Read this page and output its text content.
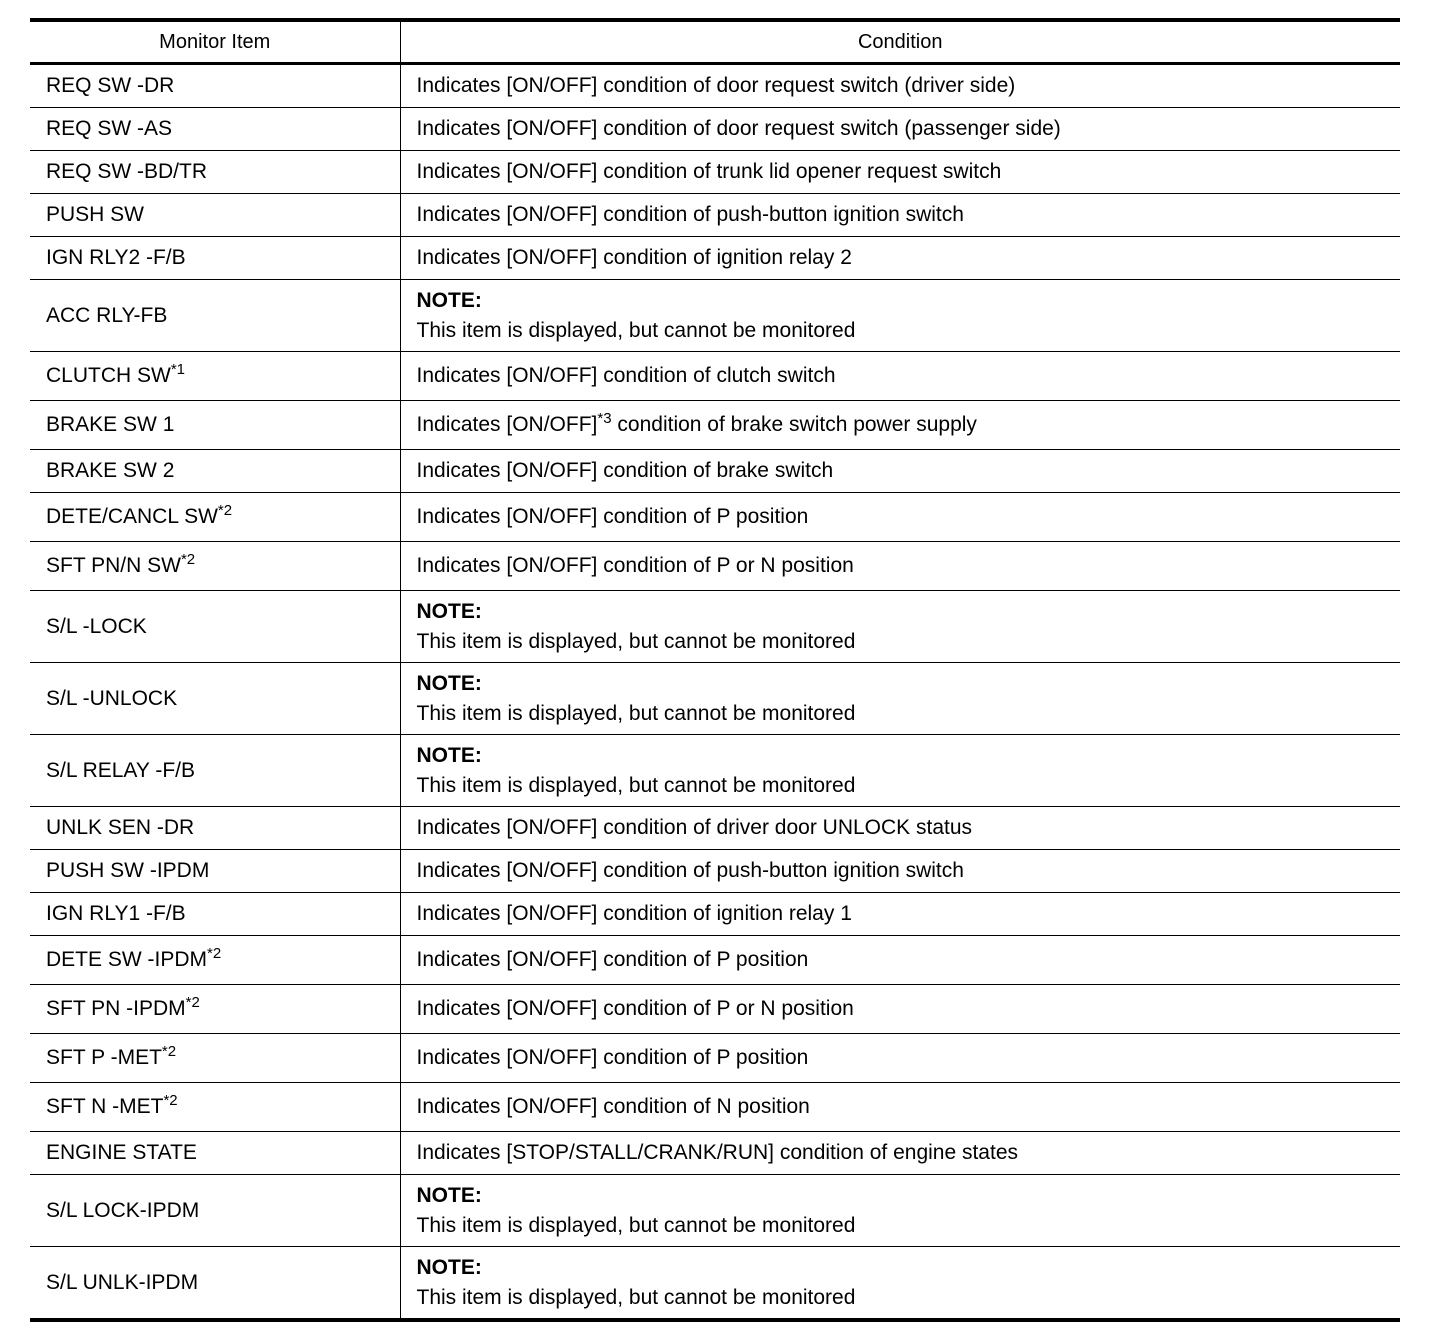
Monitor Item	Condition
REQ SW -DR	Indicates [ON/OFF] condition of door request switch (driver side)
REQ SW -AS	Indicates [ON/OFF] condition of door request switch (passenger side)
REQ SW -BD/TR	Indicates [ON/OFF] condition of trunk lid opener request switch
PUSH SW	Indicates [ON/OFF] condition of push-button ignition switch
IGN RLY2 -F/B	Indicates [ON/OFF] condition of ignition relay 2
ACC RLY-FB	NOTE:
This item is displayed, but cannot be monitored

CLUTCH SW$^{*1}$	Indicates [ON/OFF] condition of clutch switch
BRAKE SW 1	Indicates $[ON/OFF]^{*3}$ condition of brake switch power supply
BRAKE SW 2	Indicates [ON/OFF] condition of brake switch
DETE/CANCL SW$^{*2}$	Indicates [ON/OFF] condition of P position
SFT PN/N SW$^{*2}$	Indicates [ON/OFF] condition of P or N position
S/L -LOCK	NOTE:
This item is displayed, but cannot be monitored

S/L -UNLOCK	NOTE:
This item is displayed, but cannot be monitored

S/L RELAY -F/B	NOTE:
This item is displayed, but cannot be monitored

UNLK SEN -DR	Indicates [ON/OFF] condition of driver door UNLOCK status
PUSH SW -IPDM	Indicates [ON/OFF] condition of push-button ignition switch
IGN RLY1 -F/B	Indicates [ON/OFF] condition of ignition relay 1
DETE SW -IPDM$^{*2}$	Indicates [ON/OFF] condition of P position
SFT PN -IPDM$^{*2}$	Indicates [ON/OFF] condition of P or N position
SFT P -MET$^{*2}$	Indicates [ON/OFF] condition of P position
SFT N -MET$^{*2}$	Indicates [ON/OFF] condition of N position
ENGINE STATE	Indicates [STOP/STALL/CRANK/RUN] condition of engine states
S/L LOCK-IPDM	NOTE:
This item is displayed, but cannot be monitored

S/L UNLK-IPDM	NOTE:
This item is displayed, but cannot be monitored
